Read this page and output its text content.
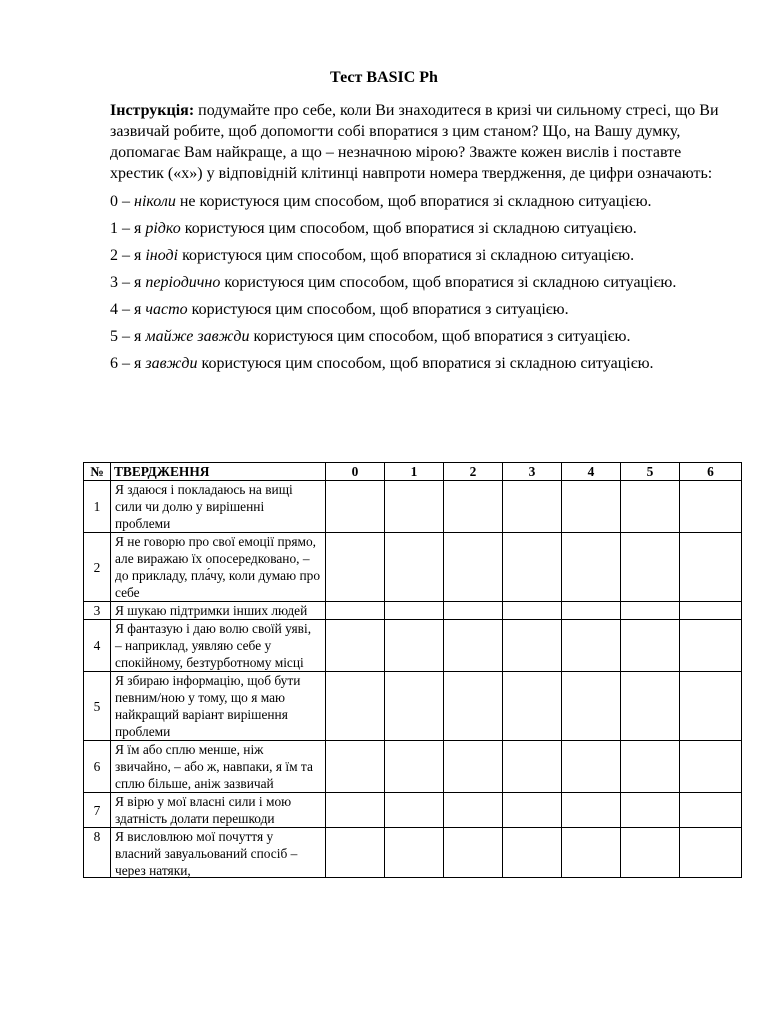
Тест BASIC Ph

Інструкція: подумайте про себе, коли Ви знаходитеся в кризі чи сильному стресі, що Ви зазвичай робите, щоб допомогти собі впоратися з цим станом? Що, на Вашу думку, допомагає Вам найкраще, а що – незначною мірою? Зважте кожен вислів і поставте хрестик («х») у відповідній клітинці навпроти номера твердження, де цифри означають:

0 – ніколи не користуюся цим способом, щоб впоратися зі складною ситуацією.

1 – я рідко користуюся цим способом, щоб впоратися зі складною ситуацією.

2 – я іноді користуюся цим способом, щоб впоратися зі складною ситуацією.

3 – я періодично користуюся цим способом, щоб впоратися зі складною ситуацією.

4 – я часто користуюся цим способом, щоб впоратися з ситуацією.

5 – я майже завжди користуюся цим способом, щоб впоратися з ситуацією.

6 – я завжди користуюся цим способом, щоб впоратися зі складною ситуацією.

№	ТВЕРДЖЕННЯ	0	1	2	3	4	5	6
1	Я здаюся і покладаюсь на вищі сили чи долю у вирішенні проблеми							
2	Я не говорю про свої емоції прямо, але виражаю їх опосередковано, – до прикладу, пла́чу, коли думаю про себе							
3	Я шукаю підтримки інших людей							
4	Я фантазую і даю волю своїй уяві, – наприклад, уявляю себе у спокійному, безтурботному місці							
5	Я збираю інформацію, щоб бути певним/ною у тому, що я маю найкращий варіант вирішення проблеми							
6	Я їм або сплю менше, ніж звичайно, – або ж, навпаки, я їм та сплю більше, аніж зазвичай							
7	Я вірю у мої власні сили і мою здатність долати перешкоди							
8	Я висловлюю мої почуття у власний завуальований спосіб – через натяки,							
